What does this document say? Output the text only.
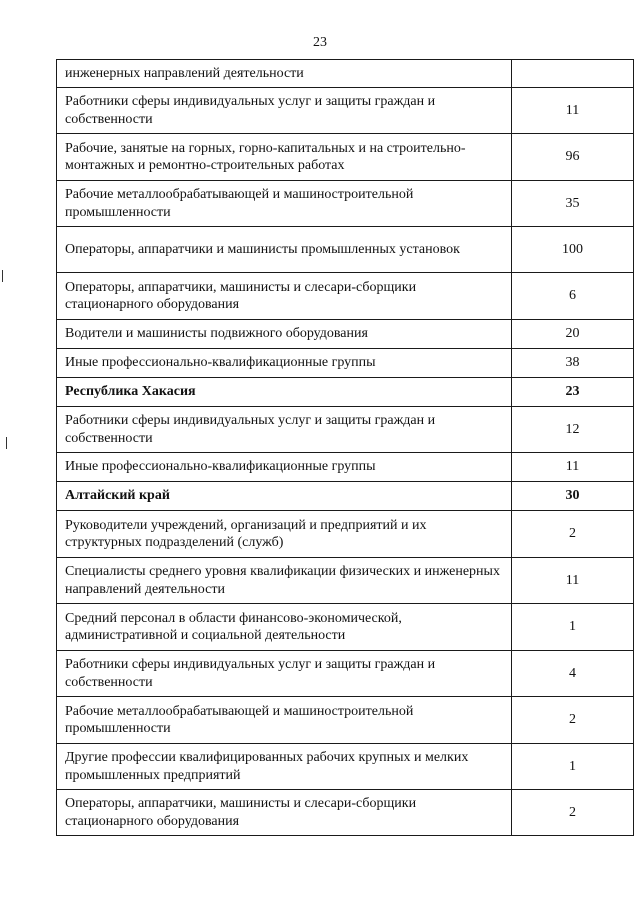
23
инженерных направлений деятельности	
Работники сферы индивидуальных услуг и защиты граждан и собственности	11
Рабочие, занятые на горных, горно-капитальных и на строительно-монтажных и ремонтно-строительных работах	96
Рабочие металлообрабатывающей и машиностроительной промышленности	35
Операторы, аппаратчики и машинисты промышленных установок	100
Операторы, аппаратчики, машинисты и слесари-сборщики стационарного оборудования	6
Водители и машинисты подвижного оборудования	20
Иные профессионально-квалификационные группы	38
Республика Хакасия	23
Работники сферы индивидуальных услуг и защиты граждан и собственности	12
Иные профессионально-квалификационные группы	11
Алтайский край	30
Руководители учреждений, организаций и предприятий и их структурных подразделений (служб)	2
Специалисты среднего уровня квалификации физических и инженерных направлений деятельности	11
Средний персонал в области финансово-экономической, административной и социальной деятельности	1
Работники сферы индивидуальных услуг и защиты граждан и собственности	4
Рабочие металлообрабатывающей и машиностроительной промышленности	2
Другие профессии квалифицированных рабочих крупных и мелких промышленных предприятий	1
Операторы, аппаратчики, машинисты и слесари-сборщики стационарного оборудования	2
